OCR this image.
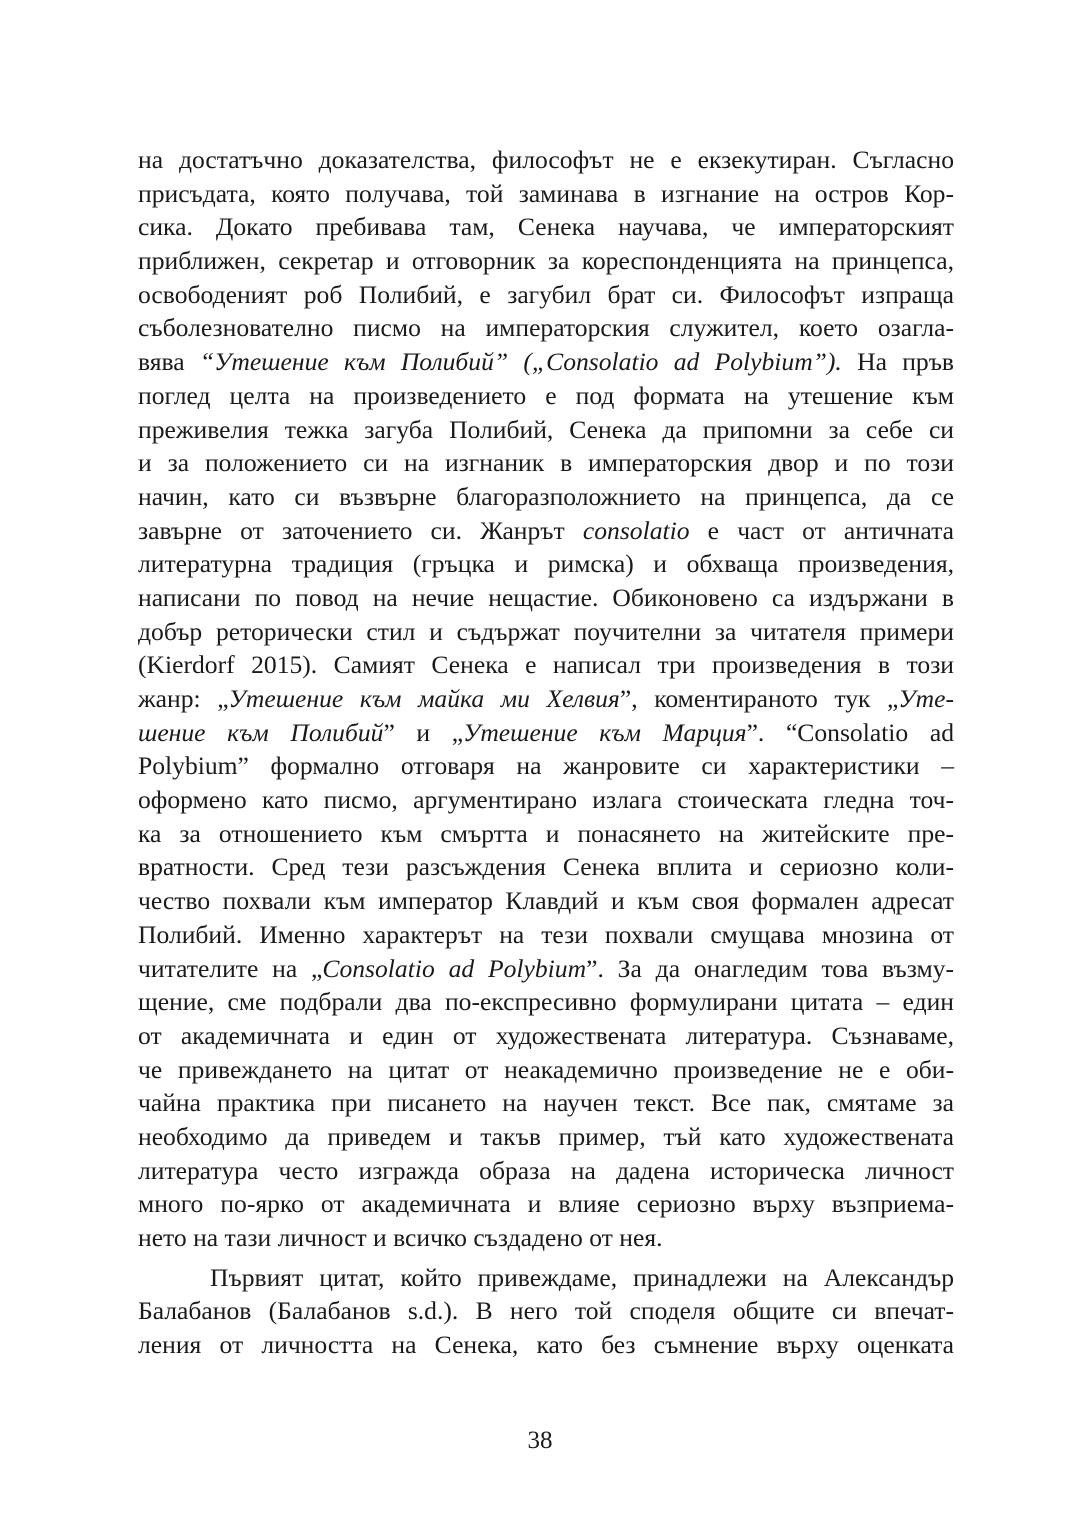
на достатъчно доказателства, философът не е екзекутиран. Съгласно
присъдата, която получава, той заминава в изгнание на остров Кор-
сика. Докато пребивава там, Сенека научава, че императорският
приближен, секретар и отговорник за кореспонденцията на принцепса,
освободеният роб Полибий, е загубил брат си. Философът изпраща
съболезнователно писмо на императорския служител, което озагла-
вява “Утешение към Полибий” („Consolatio ad Polybium”). На пръв
поглед целта на произведението е под формата на утешение към
преживелия тежка загуба Полибий, Сенека да припомни за себе си
и за положението си на изгнаник в императорския двор и по този
начин, като си възвърне благоразположнието на принцепса, да се
завърне от заточението си. Жанрът consolatio е част от античната
литературна традиция (гръцка и римска) и обхваща произведения,
написани по повод на нечие нещастие. Обиконовено са издържани в
добър реторически стил и съдържат поучителни за читателя примери
(Kierdorf 2015). Самият Сенека е написал три произведения в този
жанр: „Утешение към майка ми Хелвия”, коментираното тук „Уте-
шение към Полибий” и „Утешение към Марция”. “Consolatio ad
Polybium” формално отговаря на жанровите си характеристики –
оформено като писмо, аргументирано излага стоическата гледна точ-
ка за отношението към смъртта и понасянето на житейските пре-
вратности. Сред тези разсъждения Сенека вплита и сериозно коли-
чество похвали към император Клавдий и към своя формален адресат
Полибий. Именно характерът на тези похвали смущава мнозина от
читателите на „Consolatio ad Polybium”. За да онагледим това възму-
щение, сме подбрали два по-експресивно формулирани цитата – един
от академичната и един от художествената литература. Съзнаваме,
че привеждането на цитат от неакадемично произведение не е оби-
чайна практика при писането на научен текст. Все пак, смятаме за
необходимо да приведем и такъв пример, тъй като художествената
литература често изгражда образа на дадена историческа личност
много по-ярко от академичната и влияе сериозно върху възприема-
нето на тази личност и всичко създадено от нея.
Първият цитат, който привеждаме, принадлежи на Александър
Балабанов (Балабанов s.d.). В него той споделя общите си впечат-
ления от личността на Сенека, като без съмнение върху оценката
38
